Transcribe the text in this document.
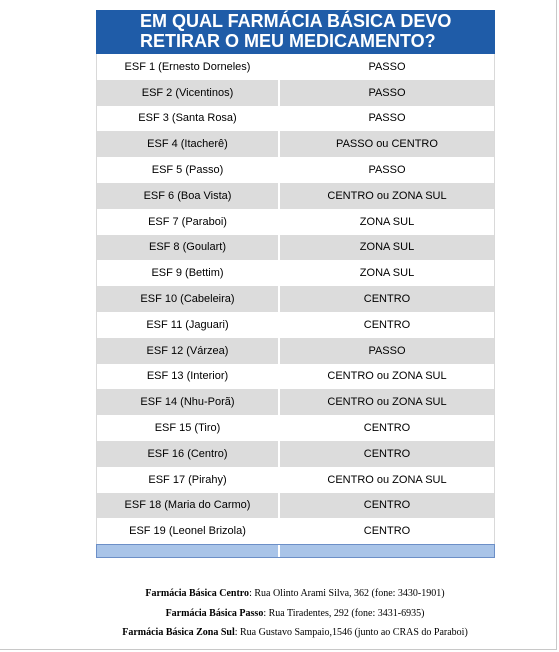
EM QUAL FARMÁCIA BÁSICA DEVO
RETIRAR O MEU MEDICAMENTO?
ESF 1 (Ernesto Dorneles)	PASSO
ESF 2 (Vicentinos)	PASSO
ESF 3 (Santa Rosa)	PASSO
ESF 4 (Itacherê)	PASSO ou CENTRO
ESF 5 (Passo)	PASSO
ESF 6 (Boa Vista)	CENTRO ou ZONA SUL
ESF 7 (Paraboi)	ZONA SUL
ESF 8 (Goulart)	ZONA SUL
ESF 9 (Bettim)	ZONA SUL
ESF 10 (Cabeleira)	CENTRO
ESF 11 (Jaguari)	CENTRO
ESF 12 (Várzea)	PASSO
ESF 13 (Interior)	CENTRO ou ZONA SUL
ESF 14 (Nhu-Porã)	CENTRO ou ZONA SUL
ESF 15 (Tiro)	CENTRO
ESF 16 (Centro)	CENTRO
ESF 17 (Pirahy)	CENTRO ou ZONA SUL
ESF 18 (Maria do Carmo)	CENTRO
ESF 19 (Leonel Brizola)	CENTRO
Farmácia Básica Centro: Rua Olinto Arami Silva, 362 (fone: 3430-1901)
Farmácia Básica Passo: Rua Tiradentes, 292 (fone: 3431-6935)
Farmácia Básica Zona Sul: Rua Gustavo Sampaio,1546 (junto ao CRAS do Paraboi)
